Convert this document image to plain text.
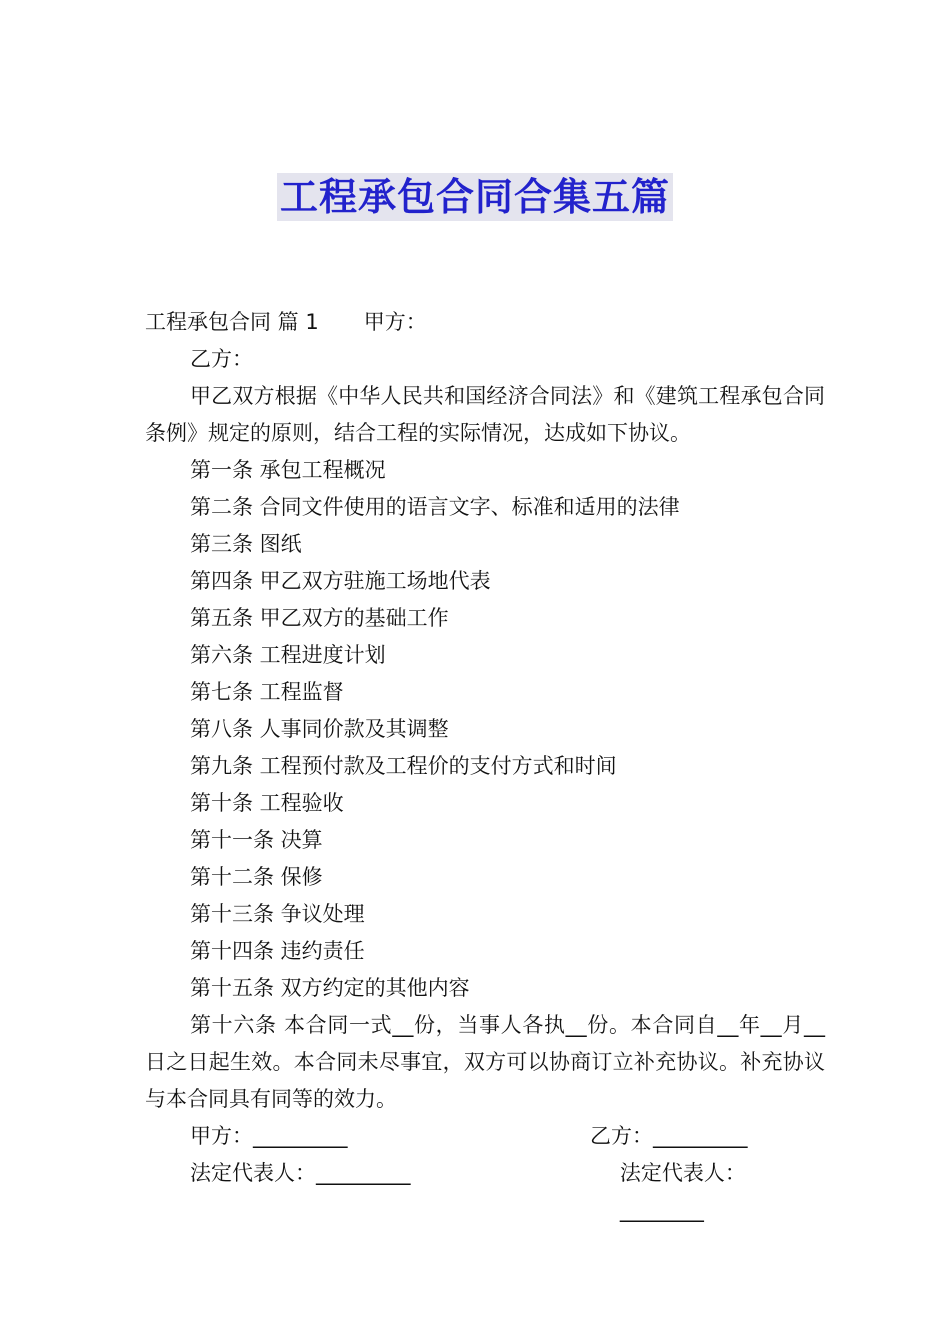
工程承包合同合集五篇
工程承包合同 篇 1 甲方：
乙方：
甲乙双方根据《中华人民共和国经济合同法》和《建筑工程承包合同条例》规定的原则，结合工程的实际情况，达成如下协议。
第一条 承包工程概况
第二条 合同文件使用的语言文字、标准和适用的法律
第三条 图纸
第四条 甲乙双方驻施工场地代表
第五条 甲乙双方的基础工作
第六条 工程进度计划
第七条 工程监督
第八条 人事同价款及其调整
第九条 工程预付款及工程价的支付方式和时间
第十条 工程验收
第十一条 决算
第十二条 保修
第十三条 争议处理
第十四条 违约责任
第十五条 双方约定的其他内容
第十六条 本合同一式__份，当事人各执__份。本合同自__年__月__日之日起生效。本合同未尽事宜，双方可以协商订立补充协议。补充协议与本合同具有同等的效力。
甲方：_________	乙方：_________
法定代表人：_________	法定代表人：________
